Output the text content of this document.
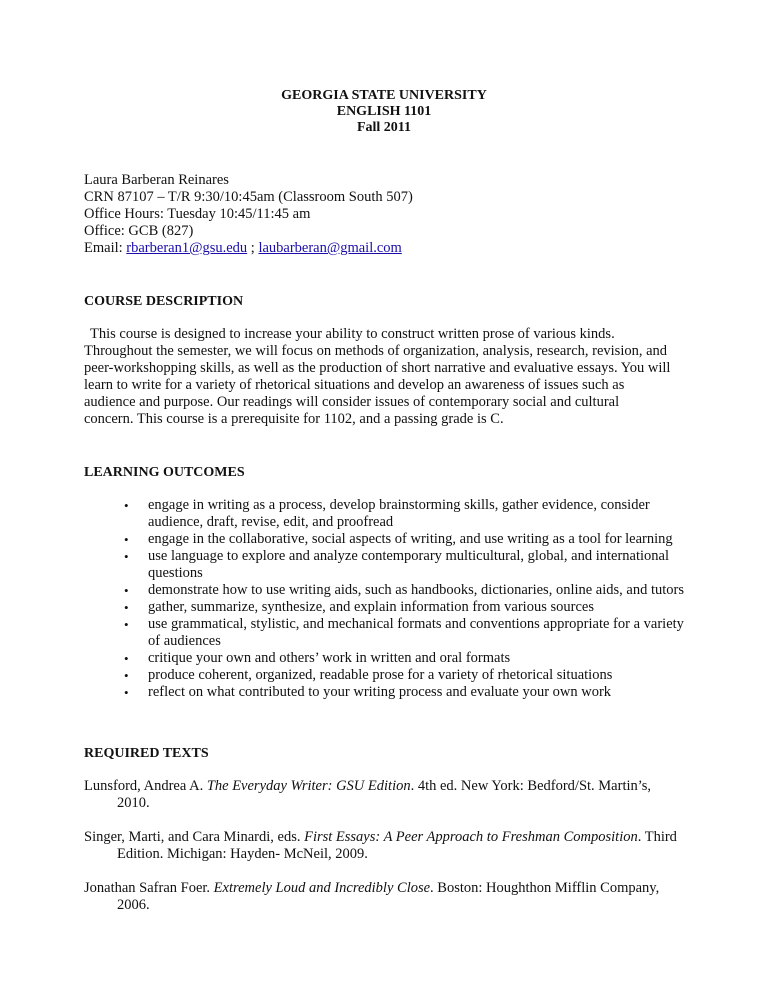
GEORGIA STATE UNIVERSITY
ENGLISH 1101
Fall 2011
Laura Barberan Reinares
CRN 87107 – T/R 9:30/10:45am (Classroom South 507)
Office Hours: Tuesday 10:45/11:45 am
Office: GCB (827)
Email: rbarberan1@gsu.edu ; laubarberan@gmail.com
COURSE DESCRIPTION
This course is designed to increase your ability to construct written prose of various kinds.
Throughout the semester, we will focus on methods of organization, analysis, research, revision, and
peer-workshopping skills, as well as the production of short narrative and evaluative essays. You will
learn to write for a variety of rhetorical situations and develop an awareness of issues such as
audience and purpose. Our readings will consider issues of contemporary social and cultural
concern. This course is a prerequisite for 1102, and a passing grade is C.
LEARNING OUTCOMES
• engage in writing as a process, develop brainstorming skills, gather evidence, consider audience, draft, revise, edit, and proofread
• engage in the collaborative, social aspects of writing, and use writing as a tool for learning
• use language to explore and analyze contemporary multicultural, global, and international questions
• demonstrate how to use writing aids, such as handbooks, dictionaries, online aids, and tutors
• gather, summarize, synthesize, and explain information from various sources
• use grammatical, stylistic, and mechanical formats and conventions appropriate for a variety of audiences
• critique your own and others’ work in written and oral formats
• produce coherent, organized, readable prose for a variety of rhetorical situations
• reflect on what contributed to your writing process and evaluate your own work
REQUIRED TEXTS
Lunsford, Andrea A. The Everyday Writer: GSU Edition. 4th ed. New York: Bedford/St. Martin’s, 2010.
Singer, Marti, and Cara Minardi, eds. First Essays: A Peer Approach to Freshman Composition. Third Edition. Michigan: Hayden- McNeil, 2009.
Jonathan Safran Foer. Extremely Loud and Incredibly Close. Boston: Houghthon Mifflin Company, 2006.
